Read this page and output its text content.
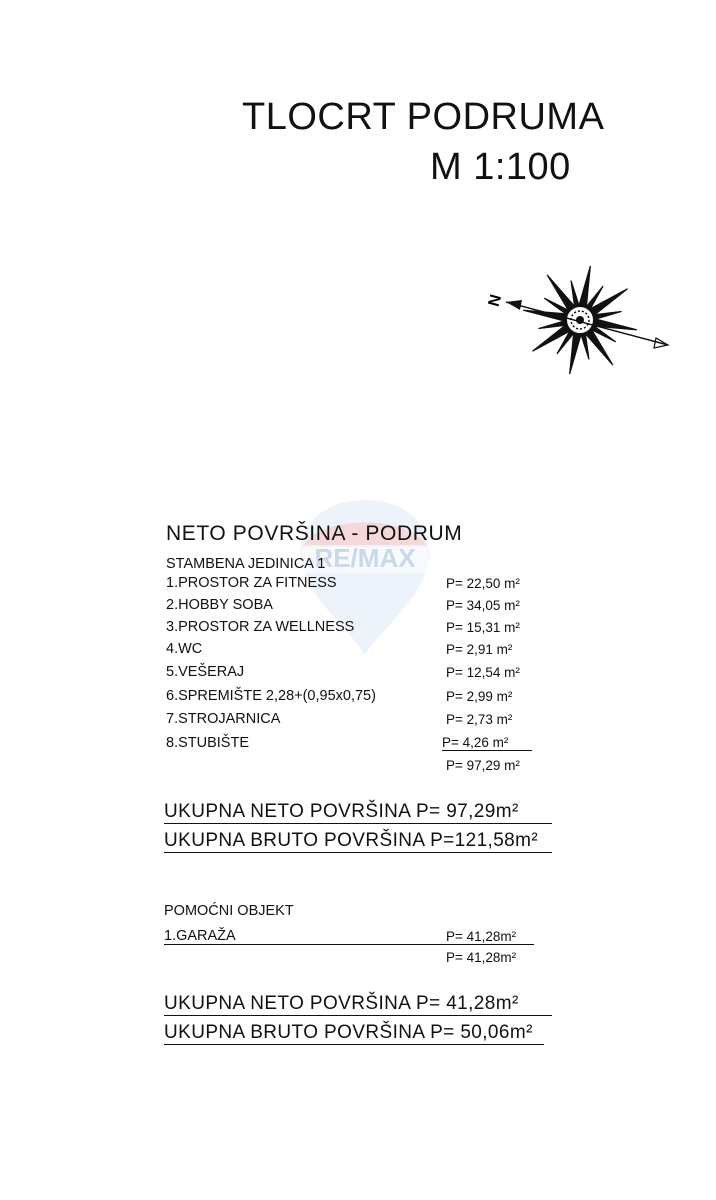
TLOCRT PODRUMA
M 1:100
N
RE/MAX
NETO POVRŠINA - PODRUM
STAMBENA JEDINICA 1
1.PROSTOR ZA FITNESS	P= 22,50 m²
2.HOBBY SOBA	P= 34,05 m²
3.PROSTOR ZA WELLNESS	P= 15,31 m²
4.WC	P= 2,91 m²
5.VEŠERAJ	P= 12,54 m²
6.SPREMIŠTE 2,28+(0,95x0,75)	P= 2,99 m²
7.STROJARNICA	P= 2,73 m²
8.STUBIŠTE	P= 4,26 m²
P= 97,29 m²
UKUPNA NETO POVRŠINA P= 97,29m²
UKUPNA BRUTO POVRŠINA P=121,58m²
POMOĆNI OBJEKT
1.GARAŽA	P= 41,28m²
P= 41,28m²
UKUPNA NETO POVRŠINA P= 41,28m²
UKUPNA BRUTO POVRŠINA P= 50,06m²
